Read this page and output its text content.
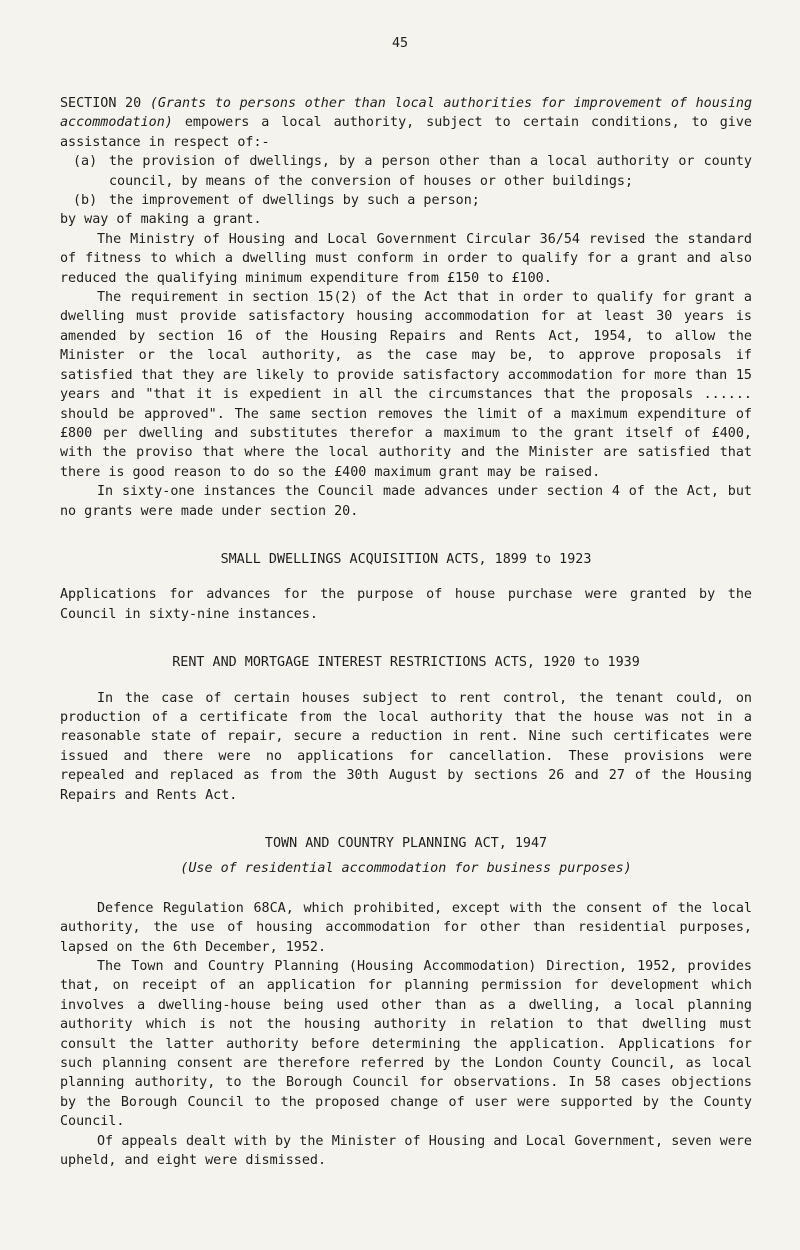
45

SECTION 20 (Grants to persons other than local authorities for improvement of housing accommodation) empowers a local authority, subject to certain conditions, to give assistance in respect of:-

(a) the provision of dwellings, by a person other than a local authority or county council, by means of the conversion of houses or other buildings;
(b) the improvement of dwellings by such a person;

by way of making a grant.

The Ministry of Housing and Local Government Circular 36/54 revised the standard of fitness to which a dwelling must conform in order to qualify for a grant and also reduced the qualifying minimum expenditure from £150 to £100.

The requirement in section 15(2) of the Act that in order to qualify for grant a dwelling must provide satisfactory housing accommodation for at least 30 years is amended by section 16 of the Housing Repairs and Rents Act, 1954, to allow the Minister or the local authority, as the case may be, to approve proposals if satisfied that they are likely to provide satisfactory accommodation for more than 15 years and "that it is expedient in all the circumstances that the proposals ...... should be approved". The same section removes the limit of a maximum expenditure of £800 per dwelling and substitutes therefor a maximum to the grant itself of £400, with the proviso that where the local authority and the Minister are satisfied that there is good reason to do so the £400 maximum grant may be raised.

In sixty-one instances the Council made advances under section 4 of the Act, but no grants were made under section 20.

SMALL DWELLINGS ACQUISITION ACTS, 1899 to 1923

Applications for advances for the purpose of house purchase were granted by the Council in sixty-nine instances.

RENT AND MORTGAGE INTEREST RESTRICTIONS ACTS, 1920 to 1939

In the case of certain houses subject to rent control, the tenant could, on production of a certificate from the local authority that the house was not in a reasonable state of repair, secure a reduction in rent. Nine such certificates were issued and there were no applications for cancellation. These provisions were repealed and replaced as from the 30th August by sections 26 and 27 of the Housing Repairs and Rents Act.

TOWN AND COUNTRY PLANNING ACT, 1947
(Use of residential accommodation for business purposes)

Defence Regulation 68CA, which prohibited, except with the consent of the local authority, the use of housing accommodation for other than residential purposes, lapsed on the 6th December, 1952.

The Town and Country Planning (Housing Accommodation) Direction, 1952, provides that, on receipt of an application for planning permission for development which involves a dwelling-house being used other than as a dwelling, a local planning authority which is not the housing authority in relation to that dwelling must consult the latter authority before determining the application. Applications for such planning consent are therefore referred by the London County Council, as local planning authority, to the Borough Council for observations. In 58 cases objections by the Borough Council to the proposed change of user were supported by the County Council.

Of appeals dealt with by the Minister of Housing and Local Government, seven were upheld, and eight were dismissed.
